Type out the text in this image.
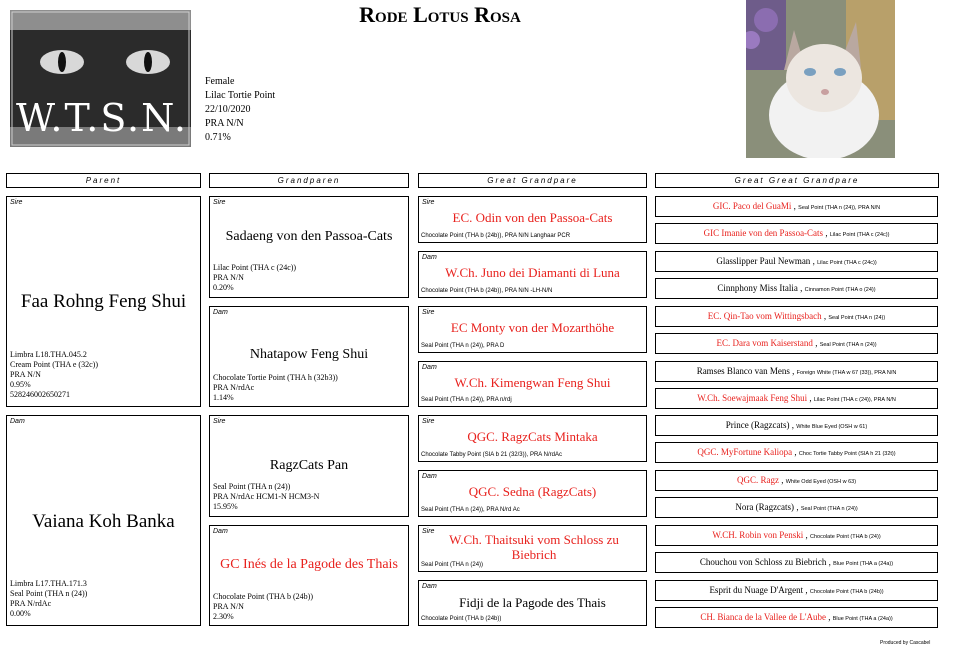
W.T.S.N.
Rode Lotus Rosa
Female
Lilac Tortie Point
22/10/2020
PRA N/N
0.71%
Parent	Grandparen	Great Grandpare	Great Great Grandpare
Sire
Faa Rohng Feng Shui
Limbra L18.THA.045.2
Cream Point (THA e (32c))
PRA N/N
0.95%
528246002650271
Dam
Vaiana Koh Banka
Limbra L17.THA.171.3
Seal Point (THA n (24))
PRA N/rdAc
0.00%
Sire
Sadaeng von den Passoa-Cats
Lilac Point (THA c (24c))
PRA N/N
0.20%
Dam
Nhatapow Feng Shui
Chocolate Tortie Point (THA h (32b3))
PRA N/rdAc
1.14%
Sire
RagzCats Pan
Seal Point (THA n (24))
PRA N/rdAc HCM1-N HCM3-N
15.95%
Dam
GC Inés de la Pagode des Thais
Chocolate Point (THA b (24b))
PRA N/N
2.30%
Sire
EC. Odin von den Passoa-Cats
Chocolate Point (THA b (24b)), PRA N/N Langhaar PCR
Dam
W.Ch. Juno dei Diamanti di Luna
Chocolate Point (THA b (24b)), PRA N/N -LH-N/N
Sire
EC Monty von der Mozarthöhe
Seal Point (THA n (24)), PRA D
Dam
W.Ch. Kimengwan Feng Shui
Seal Point (THA n (24)), PRA n/rdj
Sire
QGC. RagzCats Mintaka
Chocolate Tabby Point (SIA b 21 (32/3)), PRA N/rdAc
Dam
QGC. Sedna (RagzCats)
Seal Point (THA n (24)), PRA N/rd Ac
Sire
W.Ch. Thaitsuki vom Schloss zu Biebrich
Seal Point (THA n (24))
Dam
Fidji de la Pagode des Thais
Chocolate Point (THA b (24b))
GIC. Paco del GuaMi , Seal Point (THA n (24)), PRA N/N
GIC Imanie von den Passoa-Cats , Lilac Point (THA c (24c))
Glasslipper Paul Newman , Lilac Point (THA c (24c))
Cinnphony Miss Italia , Cinnamon Point (THA o (24))
EC. Qin-Tao vom Wittingsbach , Seal Point (THA n (24))
EC. Dara vom Kaiserstand , Seal Point (THA n (24))
Ramses Blanco van Mens , Foreign White (THA w 67 (33)), PRA N/N
W.Ch. Soewajmaak Feng Shui , Lilac Point (THA c (24)), PRA N/N
Prince (Ragzcats) , White Blue Eyed (OSH w 61)
QGC. MyFortune Kaliopa , Choc Tortie Tabby Point (SIA h 21 (32t))
QGC. Ragz , White Odd Eyed (OSH w 63)
Nora (Ragzcats) , Seal Point (THA n (24))
W.CH. Robin von Penski , Chocolate Point (THA b (24))
Chouchou von Schloss zu Biebrich , Blue Point (THA a (24a))
Esprit du Nuage D'Argent , Chocolate Point (THA b (24b))
CH. Bianca de la Vallee de L'Aube , Blue Point (THA a (24a))
Produced by Cascabel
